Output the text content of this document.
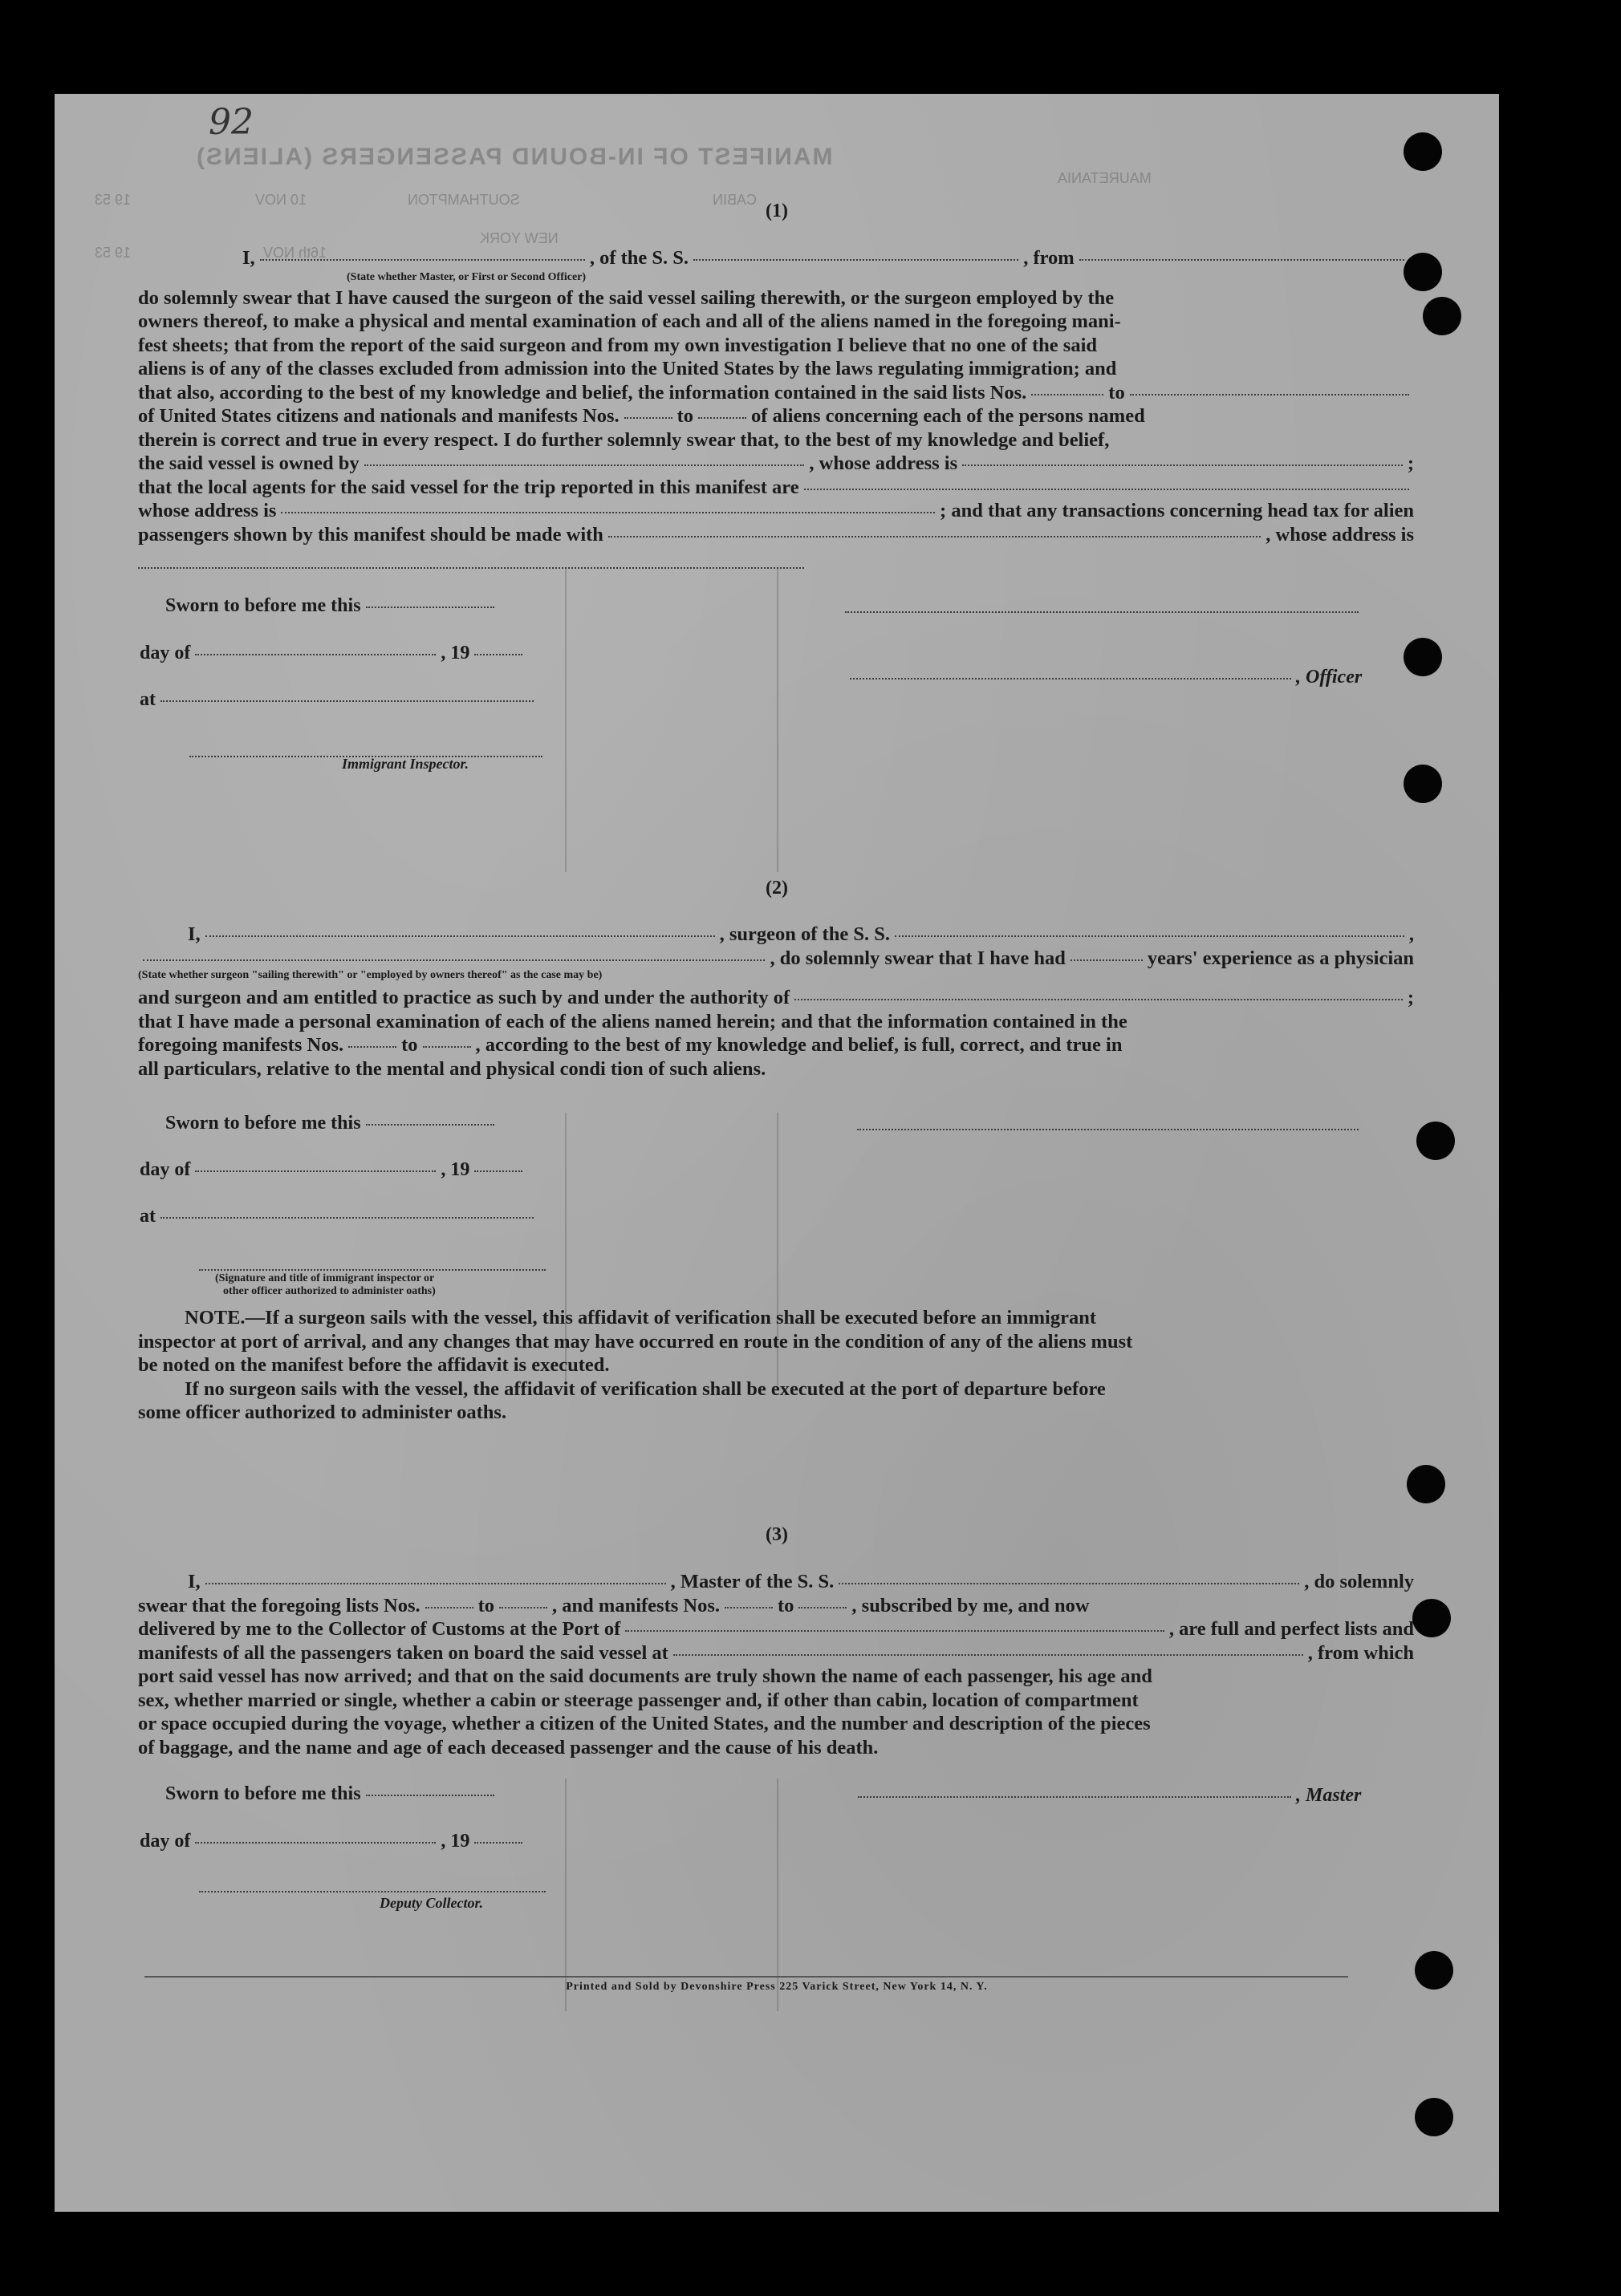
92
MANIFEST OF IN-BOUND PASSENGERS (ALIENS)
MAURETANIA
CABIN
SOUTHAMPTON
10 NOV
19 53
NEW YORK
16th NOV
19 53
(1)
I,	, of the S. S.	, from
(State whether Master, or First or Second Officer)
do solemnly swear that I have caused the surgeon of the said vessel sailing therewith, or the surgeon employed by the
owners thereof, to make a physical and mental examination of each and all of the aliens named in the foregoing mani-
fest sheets; that from the report of the said surgeon and from my own investigation I believe that no one of the said
aliens is of any of the classes excluded from admission into the United States by the laws regulating immigration; and
that also, according to the best of my knowledge and belief, the information contained in the said lists Nos.	to
of United States citizens and nationals and manifests Nos.	to	of aliens concerning each of the persons named
therein is correct and true in every respect. I do further solemnly swear that, to the best of my knowledge and belief,
the said vessel is owned by	, whose address is	;
that the local agents for the said vessel for the trip reported in this manifest are
whose address is	; and that any transactions concerning head tax for alien
passengers shown by this manifest should be made with	, whose address is
Sworn to before me this
day of	, 19
at
Immigrant Inspector.
, Officer
(2)
I,	, surgeon of the S. S.	,
, do solemnly swear that I have had	years' experience as a physician
(State whether surgeon "sailing therewith" or "employed by owners thereof" as the case may be)
and surgeon and am entitled to practice as such by and under the authority of	;
that I have made a personal examination of each of the aliens named herein; and that the information contained in the
foregoing manifests Nos.	to	, according to the best of my knowledge and belief, is full, correct, and true in
all particulars, relative to the mental and physical condi tion of such aliens.
Sworn to before me this
day of	, 19
at
(Signature and title of immigrant inspector or
other officer authorized to administer oaths)
NOTE. —If a surgeon sails with the vessel, this affidavit of verification shall be executed before an immigrant
inspector at port of arrival, and any changes that may have occurred en route in the condition of any of the aliens must
be noted on the manifest before the affidavit is executed.
If no surgeon sails with the vessel, the affidavit of verification shall be executed at the port of departure before
some officer authorized to administer oaths.
(3)
I,	, Master of the S. S.	, do solemnly
swear that the foregoing lists Nos.	to	, and manifests Nos.	to	, subscribed by me, and now
delivered by me to the Collector of Customs at the Port of	, are full and perfect lists and
manifests of all the passengers taken on board the said vessel at	, from which
port said vessel has now arrived; and that on the said documents are truly shown the name of each passenger, his age and
sex, whether married or single, whether a cabin or steerage passenger and, if other than cabin, location of compartment
or space occupied during the voyage, whether a citizen of the United States, and the number and description of the pieces
of baggage, and the name and age of each deceased passenger and the cause of his death.
Sworn to before me this
day of	, 19
Deputy Collector.
, Master
Printed and Sold by Devonshire Press 225 Varick Street, New York 14, N. Y.
